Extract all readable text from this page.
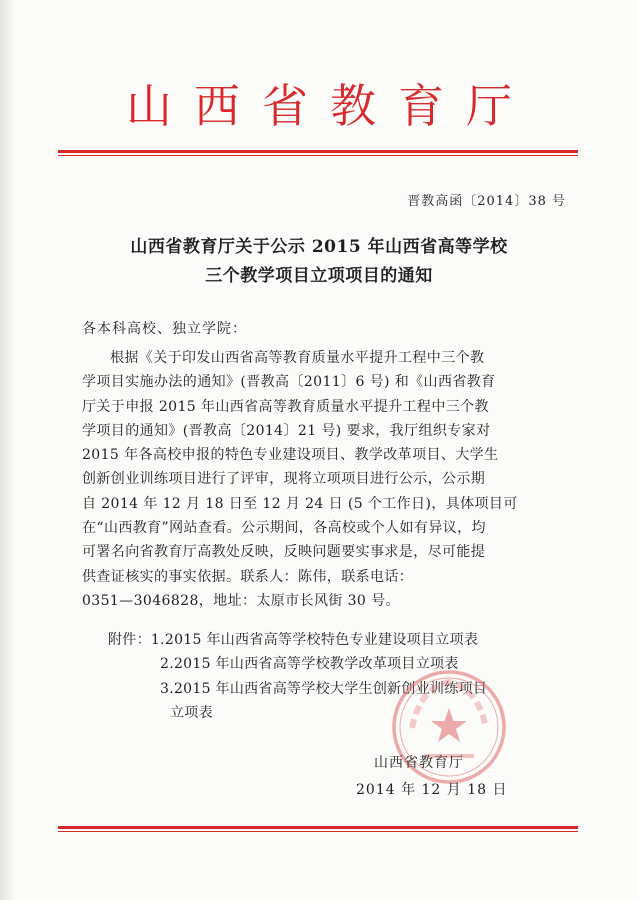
山西省教育厅
晋教高函〔2014〕38 号
山西省教育厅关于公示 2015 年山西省高等学校
三个教学项目立项项目的通知
各本科高校、独立学院：
根据《关于印发山西省高等教育质量水平提升工程中三个教
学项目实施办法的通知》(晋教高〔2011〕6 号) 和《山西省教育
厅关于申报 2015 年山西省高等教育质量水平提升工程中三个教
学项目的通知》(晋教高〔2014〕21 号) 要求，我厅组织专家对
2015 年各高校申报的特色专业建设项目、教学改革项目、大学生
创新创业训练项目进行了评审，现将立项项目进行公示，公示期
自 2014 年 12 月 18 日至 12 月 24 日 (5 个工作日)，具体项目可
在“山西教育”网站查看。公示期间，各高校或个人如有异议，均
可署名向省教育厅高教处反映，反映问题要实事求是，尽可能提
供查证核实的事实依据。联系人：陈伟，联系电话：
0351—3046828，地址：太原市长风街 30 号。
附件：1.2015 年山西省高等学校特色专业建设项目立项表
2.2015 年山西省高等学校教学改革项目立项表
3.2015 年山西省高等学校大学生创新创业训练项目
立项表
山西省教育厅
2014 年 12 月 18 日
